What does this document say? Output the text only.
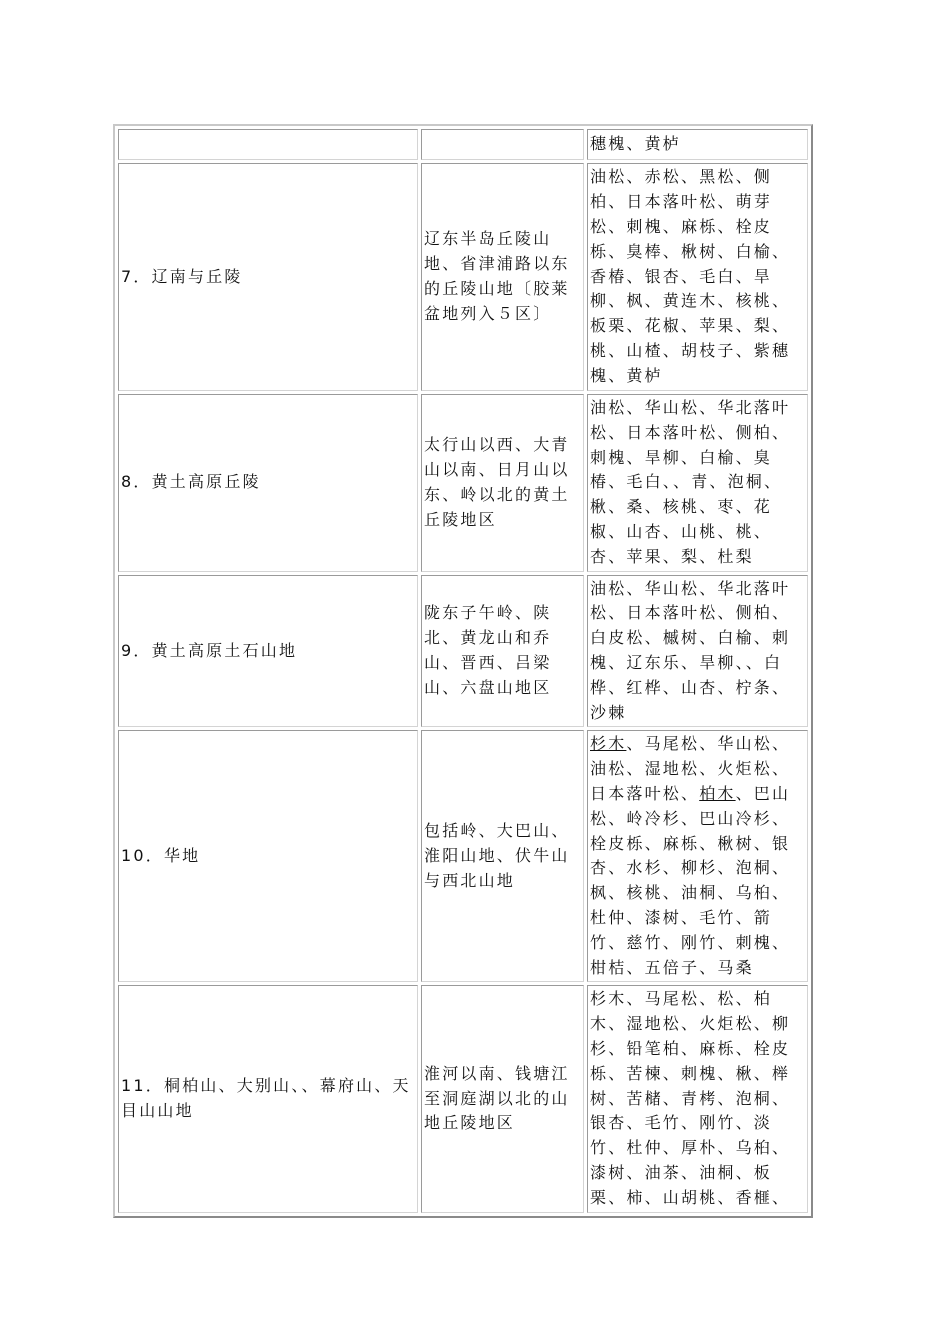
		穗槐、黄栌
7．辽南与丘陵	辽东半岛丘陵山地、省津浦路以东的丘陵山地〔胶莱盆地列入５区〕	油松、赤松、黑松、侧柏、日本落叶松、萌芽松、刺槐、麻栎、栓皮栎、臭棒、楸树、白榆、香椿、银杏、毛白、旱柳、枫、黄连木、核桃、板栗、花椒、苹果、梨、桃、山楂、胡枝子、紫穗槐、黄栌
8．黄土高原丘陵	太行山以西、大青山以南、日月山以东、岭以北的黄土丘陵地区	油松、华山松、华北落叶松、日本落叶松、侧柏、刺槐、旱柳、白榆、臭椿、毛白、、青、泡桐、楸、桑、核桃、枣、花椒、山杏、山桃、桃、杏、苹果、梨、杜梨
9．黄土高原土石山地	陇东子午岭、陕北、黄龙山和乔山、晋西、吕梁山、六盘山地区	油松、华山松、华北落叶松、日本落叶松、侧柏、白皮松、槭树、白榆、刺槐、辽东乐、旱柳、、白桦、红桦、山杏、柠条、沙棘
10．华地	包括岭、大巴山、淮阳山地、伏牛山与西北山地	杉木、马尾松、华山松、油松、湿地松、火炬松、日本落叶松、柏木、巴山松、岭冷杉、巴山冷杉、栓皮栎、麻栎、楸树、银杏、水杉、柳杉、泡桐、枫、核桃、油桐、乌桕、杜仲、漆树、毛竹、箭竹、慈竹、刚竹、刺槐、柑桔、五倍子、马桑
11．桐柏山、大别山、、幕府山、天目山山地	淮河以南、钱塘江至洞庭湖以北的山地丘陵地区	杉木、马尾松、松、柏木、湿地松、火炬松、柳杉、铅笔柏、麻栎、栓皮栎、苦楝、刺槐、楸、榉树、苦槠、青栲、泡桐、银杏、毛竹、刚竹、淡竹、杜仲、厚朴、乌桕、漆树、油茶、油桐、板栗、柿、山胡桃、香榧、
